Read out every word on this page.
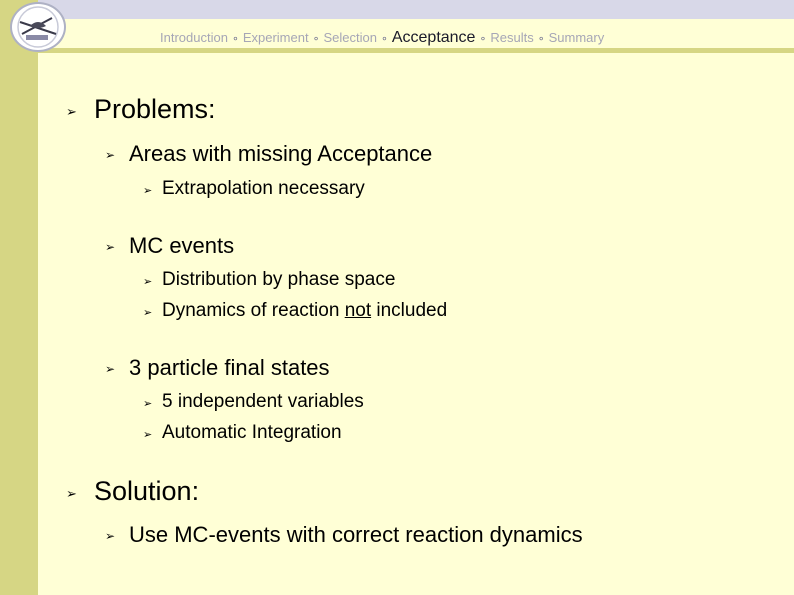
Introduction ∘ Experiment ∘ Selection ∘ Acceptance ∘ Results ∘ Summary
➢ Problems:
➢ Areas with missing Acceptance
➢ Extrapolation necessary
➢ MC events
➢ Distribution by phase space
➢ Dynamics of reaction not included
➢ 3 particle final states
➢ 5 independent variables
➢ Automatic Integration
➢ Solution:
➢ Use MC-events with correct reaction dynamics
